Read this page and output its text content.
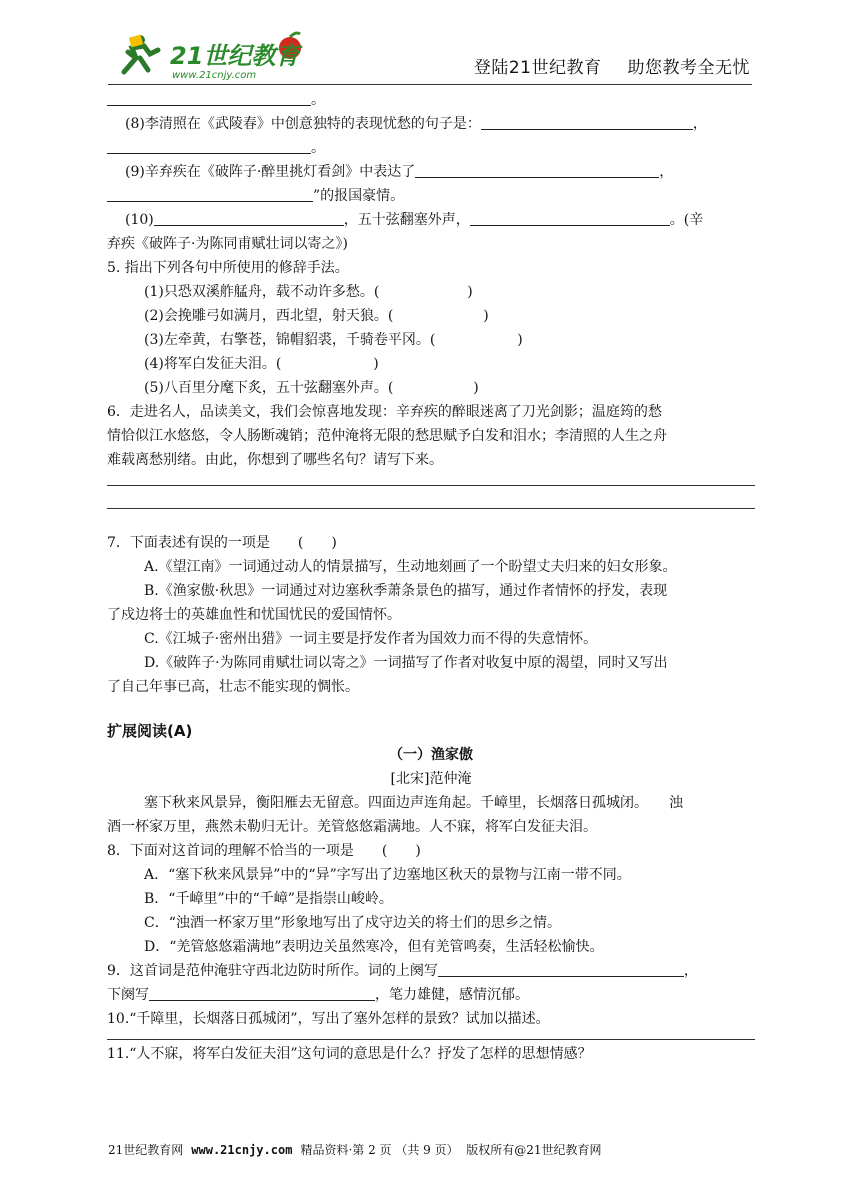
21世纪教育
www.21cnjy.com	登陆21世纪教育 助您教考全无忧
。
(8)李清照在《武陵春》中创意独特的表现忧愁的句子是：	，
。
(9)辛弃疾在《破阵子·醉里挑灯看剑》中表达了	，
”的报国豪情。
(10)	，五十弦翻塞外声，	。(辛
弃疾《破阵子·为陈同甫赋壮词以寄之》)
5. 指出下列各句中所使用的修辞手法。
(1)只恐双溪舴艋舟，载不动许多愁。(	)
(2)会挽雕弓如满月，西北望，射天狼。(	)
(3)左牵黄，右擎苍，锦帽貂裘，千骑卷平冈。(	)
(4)将军白发征夫泪。(	)
(5)八百里分麾下炙，五十弦翻塞外声。(	)
6．走进名人，品读美文，我们会惊喜地发现：辛弃疾的醉眼迷离了刀光剑影；温庭筠的愁
情恰似江水悠悠，令人肠断魂销；范仲淹将无限的愁思赋予白发和泪水；李清照的人生之舟
难载离愁别绪。由此，你想到了哪些名句？请写下来。
7．下面表述有误的一项是　　(　　)
A.《望江南》一词通过动人的情景描写，生动地刻画了一个盼望丈夫归来的妇女形象。
B.《渔家傲·秋思》一词通过对边塞秋季萧条景色的描写，通过作者情怀的抒发，表现
了戍边将士的英雄血性和忧国忧民的爱国情怀。
C.《江城子·密州出猎》一词主要是抒发作者为国效力而不得的失意情怀。
D.《破阵子·为陈同甫赋壮词以寄之》一词描写了作者对收复中原的渴望，同时又写出
了自己年事已高，壮志不能实现的惆怅。
扩展阅读(A)
（一）渔家傲
[北宋]范仲淹
塞下秋来风景异，衡阳雁去无留意。四面边声连角起。千嶂里，长烟落日孤城闭。　　浊
酒一杯家万里，燕然未勒归无计。羌管悠悠霜满地。人不寐，将军白发征夫泪。
8．下面对这首词的理解不恰当的一项是　　(　　)
A．“塞下秋来风景异”中的“异”字写出了边塞地区秋天的景物与江南一带不同。
B．“千嶂里”中的“千嶂”是指崇山峻岭。
C．“浊酒一杯家万里”形象地写出了戍守边关的将士们的思乡之情。
D．“羌管悠悠霜满地”表明边关虽然寒冷，但有羌管鸣奏，生活轻松愉快。
9．这首词是范仲淹驻守西北边防时所作。词的上阕写	，
下阕写	，笔力雄健，感情沉郁。
10.“千障里，长烟落日孤城闭”，写出了塞外怎样的景致？试加以描述。
11.“人不寐，将军白发征夫泪”这句词的意思是什么？抒发了怎样的思想情感？
21世纪教育网 www.21cnjy.com 精品资料·第 2 页 （共 9 页） 版权所有@21世纪教育网
